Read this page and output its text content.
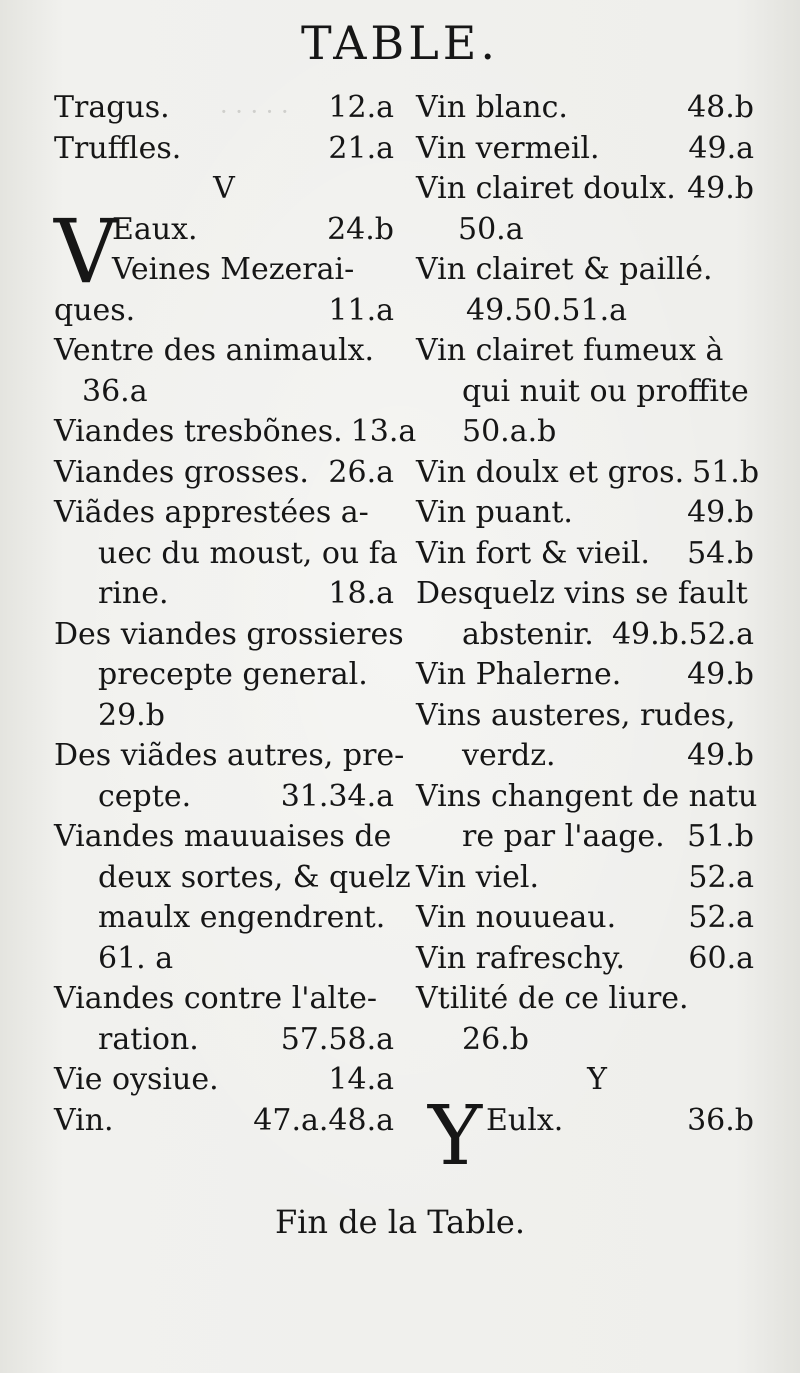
· · · · ·
TABLE.
Tragus.	12.a
Truffles.	21.a
V
V
Eaux.	24.b
Veines Mezerai-
ques.	11.a
Ventre des animaulx.
36.a
Viandes tresbõnes. 13.a
Viandes grosses. 26.a
Viãdes apprestées a-
uec du moust, ou fa
rine.	18.a
Des viandes grossieres
precepte general.
29.b
Des viãdes autres, pre-
cepte.	31.34.a
Viandes mauuaises de
deux sortes, & quelz
maulx engendrent.
61. a
Viandes contre l'alte-
ration.	57.58.a
Vie oysiue.	14.a
Vin.	47.a.48.a
Vin blanc.	48.b
Vin vermeil.	49.a
Vin clairet doulx. 49.b
50.a
Vin clairet & paillé.
49.50.51.a
Vin clairet fumeux à
qui nuit ou proffite
50.a.b
Vin doulx et gros. 51.b
Vin puant.	49.b
Vin fort & vieil. 54.b
Desquelz vins se fault
abstenir. 49.b.52.a
Vin Phalerne. 49.b
Vins austeres, rudes,
verdz.	49.b
Vins changent de natu
re par l'aage. 51.b
Vin viel.	52.a
Vin nouueau. 52.a
Vin rafreschy. 60.a
Vtilité de ce liure.
26.b
Y
Y Eulx.	36.b
Fin de la Table.
